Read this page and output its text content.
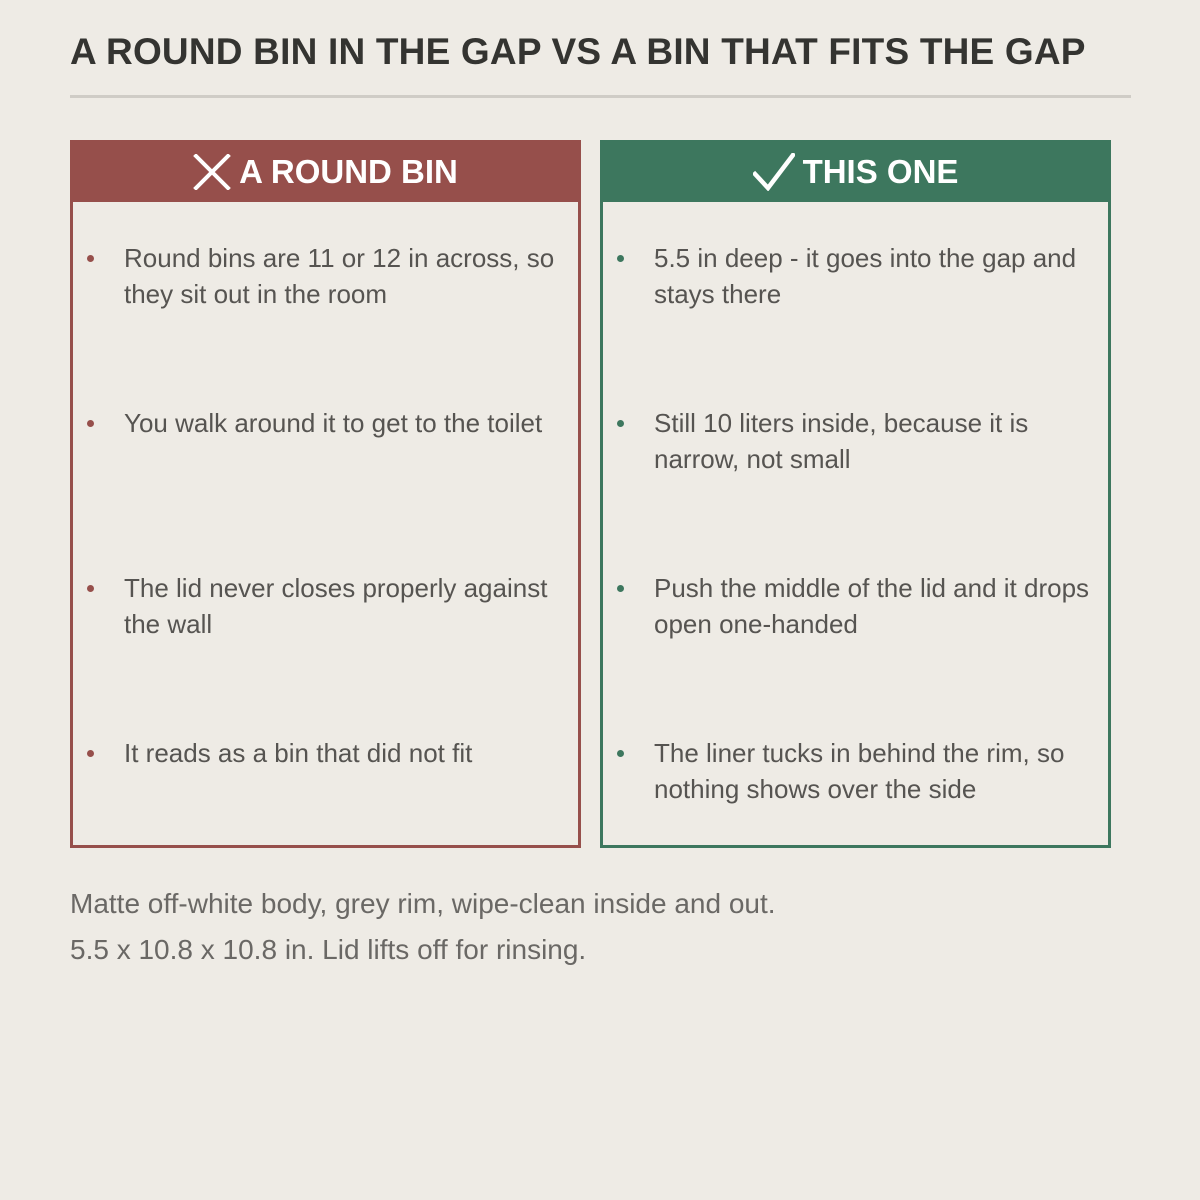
A ROUND BIN IN THE GAP VS A BIN THAT FITS THE GAP
A ROUND BIN
Round bins are 11 or 12 in across, so they sit out in the room
You walk around it to get to the toilet
The lid never closes properly against the wall
It reads as a bin that did not fit
THIS ONE
5.5 in deep - it goes into the gap and stays there
Still 10 liters inside, because it is narrow, not small
Push the middle of the lid and it drops open one-handed
The liner tucks in behind the rim, so nothing shows over the side
Matte off-white body, grey rim, wipe-clean inside and out.
5.5 x 10.8 x 10.8 in. Lid lifts off for rinsing.
